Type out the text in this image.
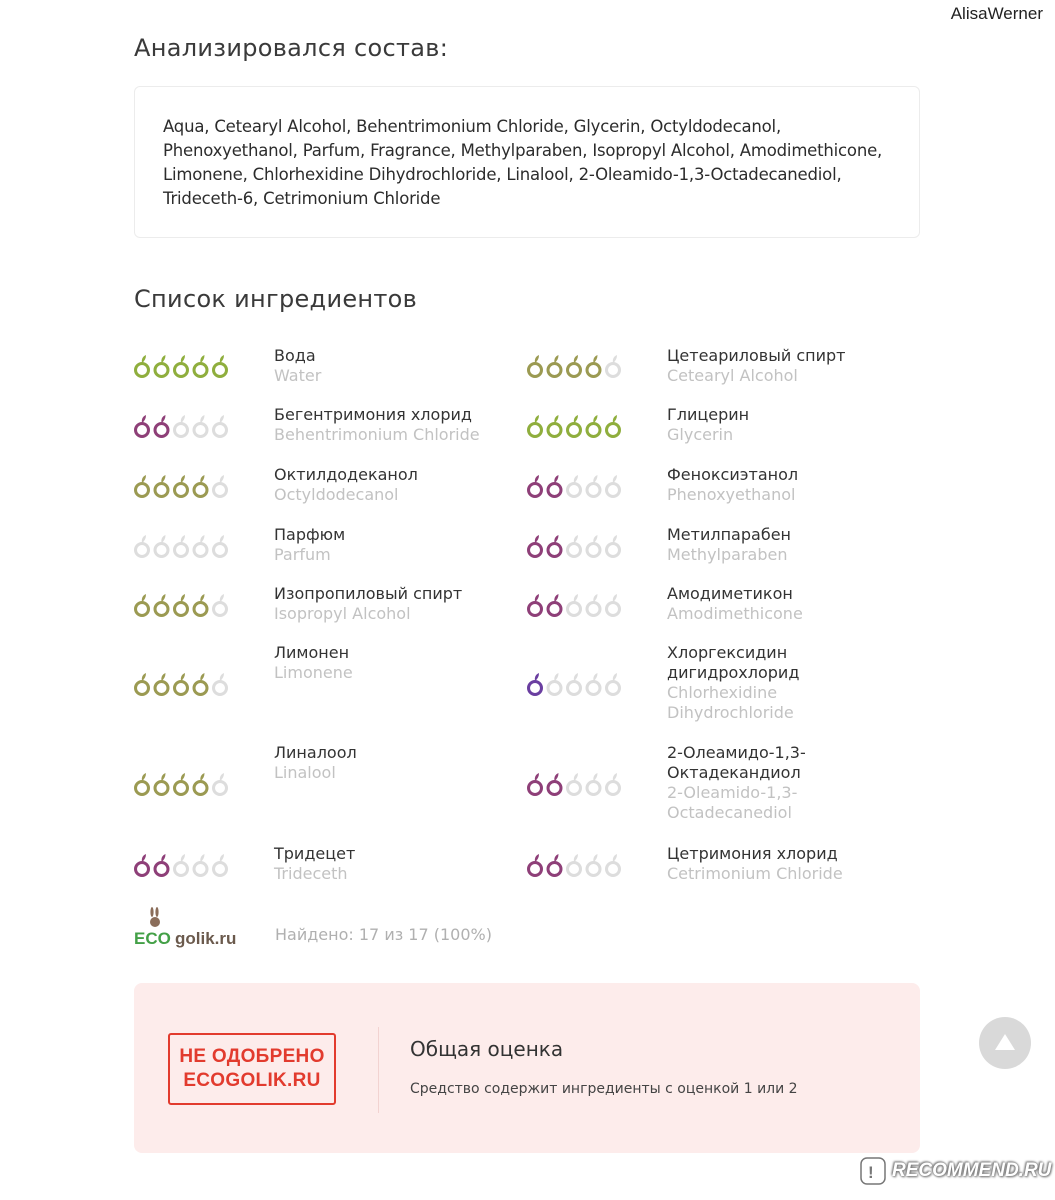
AlisaWerner
Анализировался состав:
Aqua, Cetearyl Alcohol, Behentrimonium Chloride, Glycerin, Octyldodecanol, Phenoxyethanol, Parfum, Fragrance, Methylparaben, Isopropyl Alcohol, Amodimethicone, Limonene, Chlorhexidine Dihydrochloride, Linalool, 2-Oleamido-1,3-Octadecanediol, Trideceth-6, Cetrimonium Chloride
Список ингредиентов
Вода
Water
Цетеариловый спирт
Cetearyl Alcohol
Бегентримония хлорид
Behentrimonium Chloride
Глицерин
Glycerin
Октилдодеканол
Octyldodecanol
Феноксиэтанол
Phenoxyethanol
Парфюм
Parfum
Метилпарабен
Methylparaben
Изопропиловый спирт
Isopropyl Alcohol
Амодиметикон
Amodimethicone
Лимонен
Limonene
Хлоргексидин дигидрохлорид
Chlorhexidine Dihydrochloride
Линалоол
Linalool
2-Олеамидо-1,3-Октадекандиол
2-Oleamido-1,3-Octadecanediol
Тридецет
Trideceth
Цетримония хлорид
Cetrimonium Chloride
ECO golik.ru Найдено: 17 из 17 (100%)
НЕ ОДОБРЕНО
ECOGOLIK.RU
Общая оценка
Средство содержит ингредиенты с оценкой 1 или 2
! RECOMMEND.RU
